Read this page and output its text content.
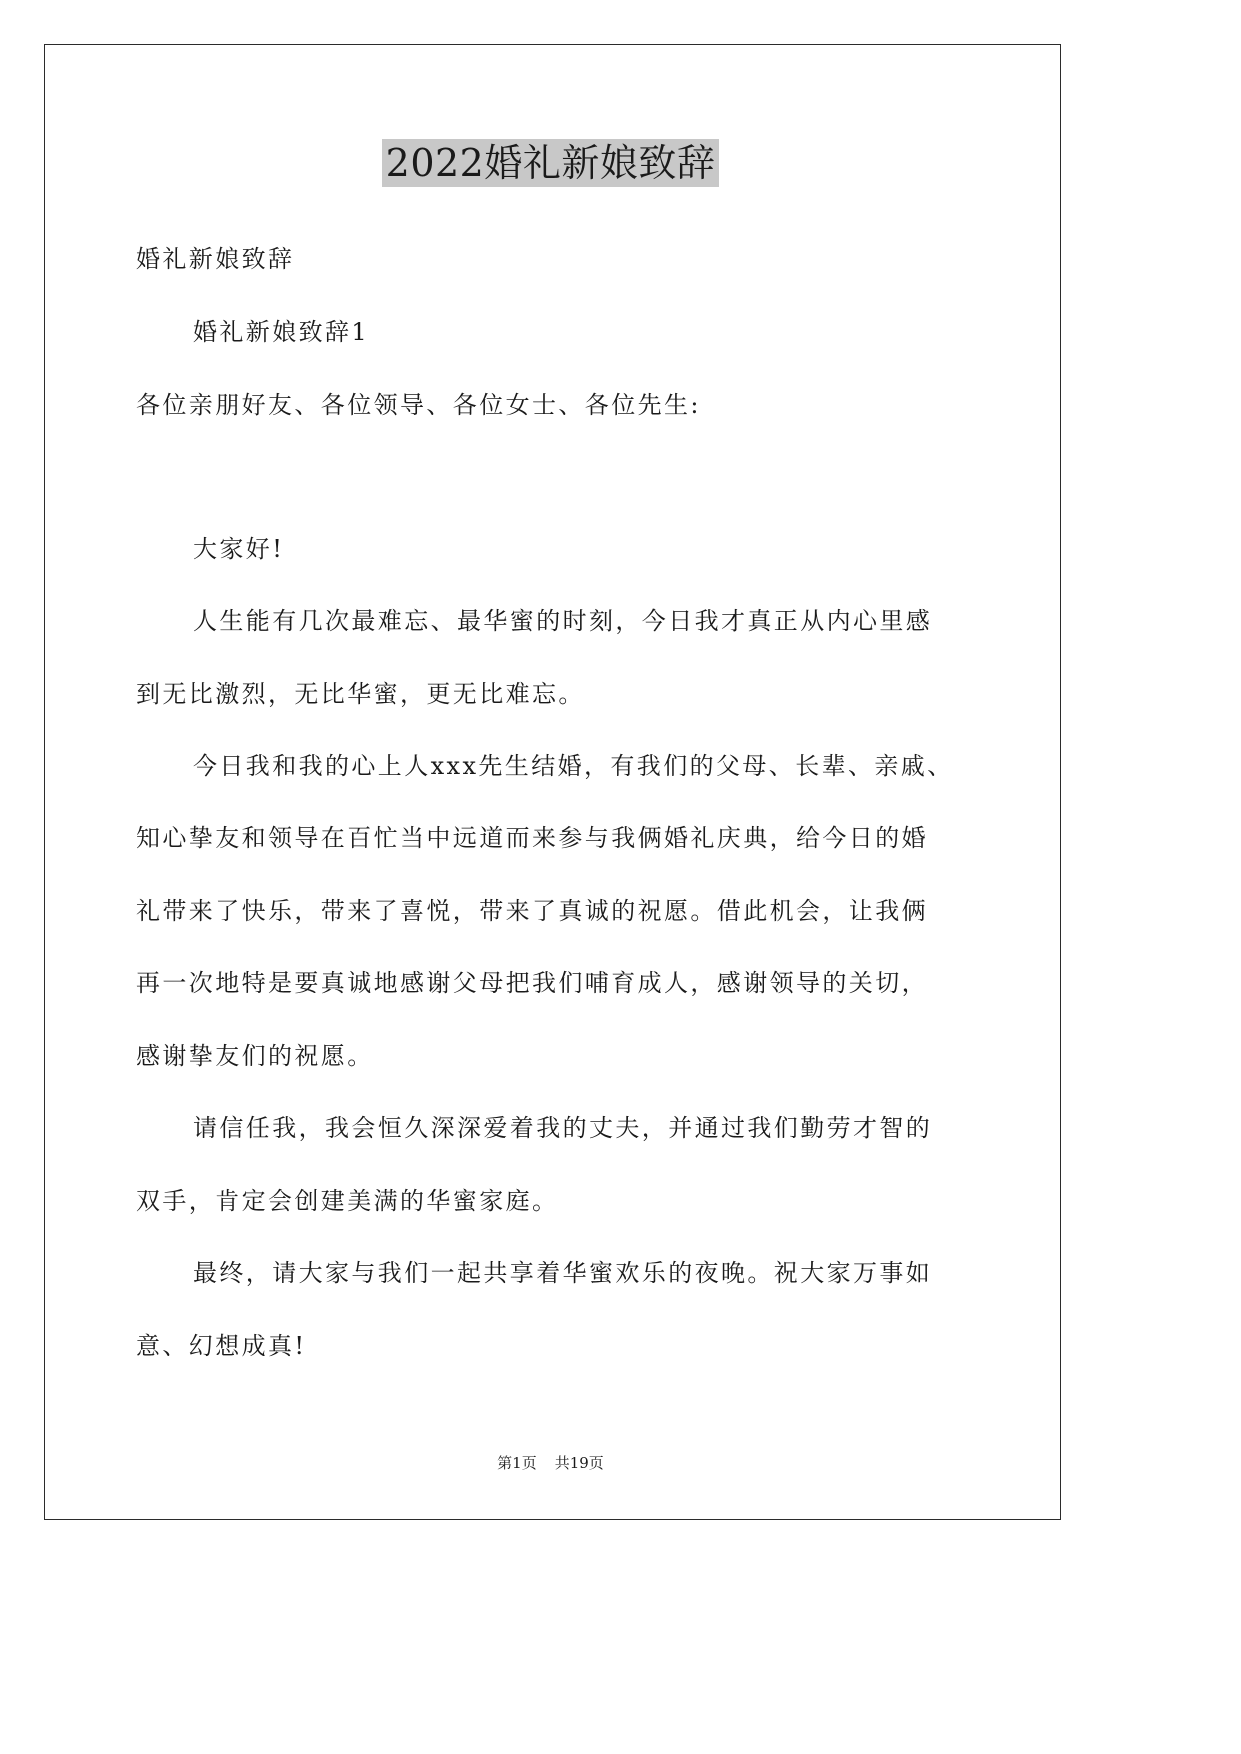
2022婚礼新娘致辞
婚礼新娘致辞
婚礼新娘致辞1
各位亲朋好友、各位领导、各位女士、各位先生:
大家好!
人生能有几次最难忘、最华蜜的时刻，今日我才真正从内心里感
到无比激烈，无比华蜜，更无比难忘。
今日我和我的心上人xxx先生结婚，有我们的父母、长辈、亲戚、
知心挚友和领导在百忙当中远道而来参与我俩婚礼庆典，给今日的婚
礼带来了快乐，带来了喜悦，带来了真诚的祝愿。借此机会，让我俩
再一次地特是要真诚地感谢父母把我们哺育成人，感谢领导的关切，
感谢挚友们的祝愿。
请信任我，我会恒久深深爱着我的丈夫，并通过我们勤劳才智的
双手，肯定会创建美满的华蜜家庭。
最终，请大家与我们一起共享着华蜜欢乐的夜晚。祝大家万事如
意、幻想成真!
第1页 共19页
